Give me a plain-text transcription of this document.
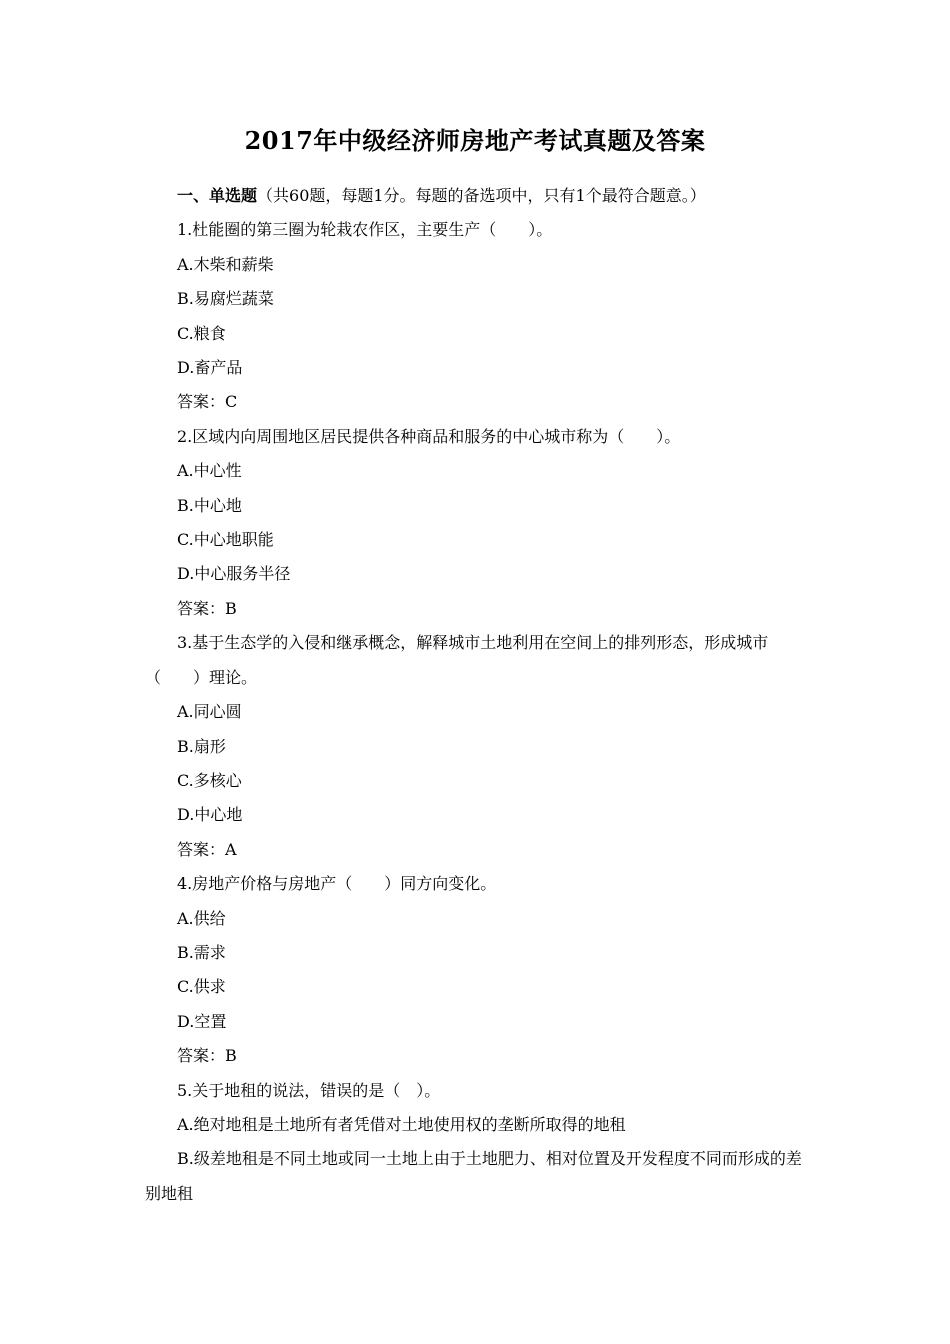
2017年中级经济师房地产考试真题及答案

一、单选题（共60题，每题1分。每题的备选项中，只有1个最符合题意。）

1.杜能圈的第三圈为轮栽农作区，主要生产（　　）。

A.木柴和薪柴

B.易腐烂蔬菜

C.粮食

D.畜产品

答案：C

2.区域内向周围地区居民提供各种商品和服务的中心城市称为（　　）。

A.中心性

B.中心地

C.中心地职能

D.中心服务半径

答案：B

3.基于生态学的入侵和继承概念，解释城市土地利用在空间上的排列形态，形成城市（　　）理论。

A.同心圆

B.扇形

C.多核心

D.中心地

答案：A

4.房地产价格与房地产（　　）同方向变化。

A.供给

B.需求

C.供求

D.空置

答案：B

5.关于地租的说法，错误的是（　）。

A.绝对地租是土地所有者凭借对土地使用权的垄断所取得的地租

B.级差地租是不同土地或同一土地上由于土地肥力、相对位置及开发程度不同而形成的差别地租
